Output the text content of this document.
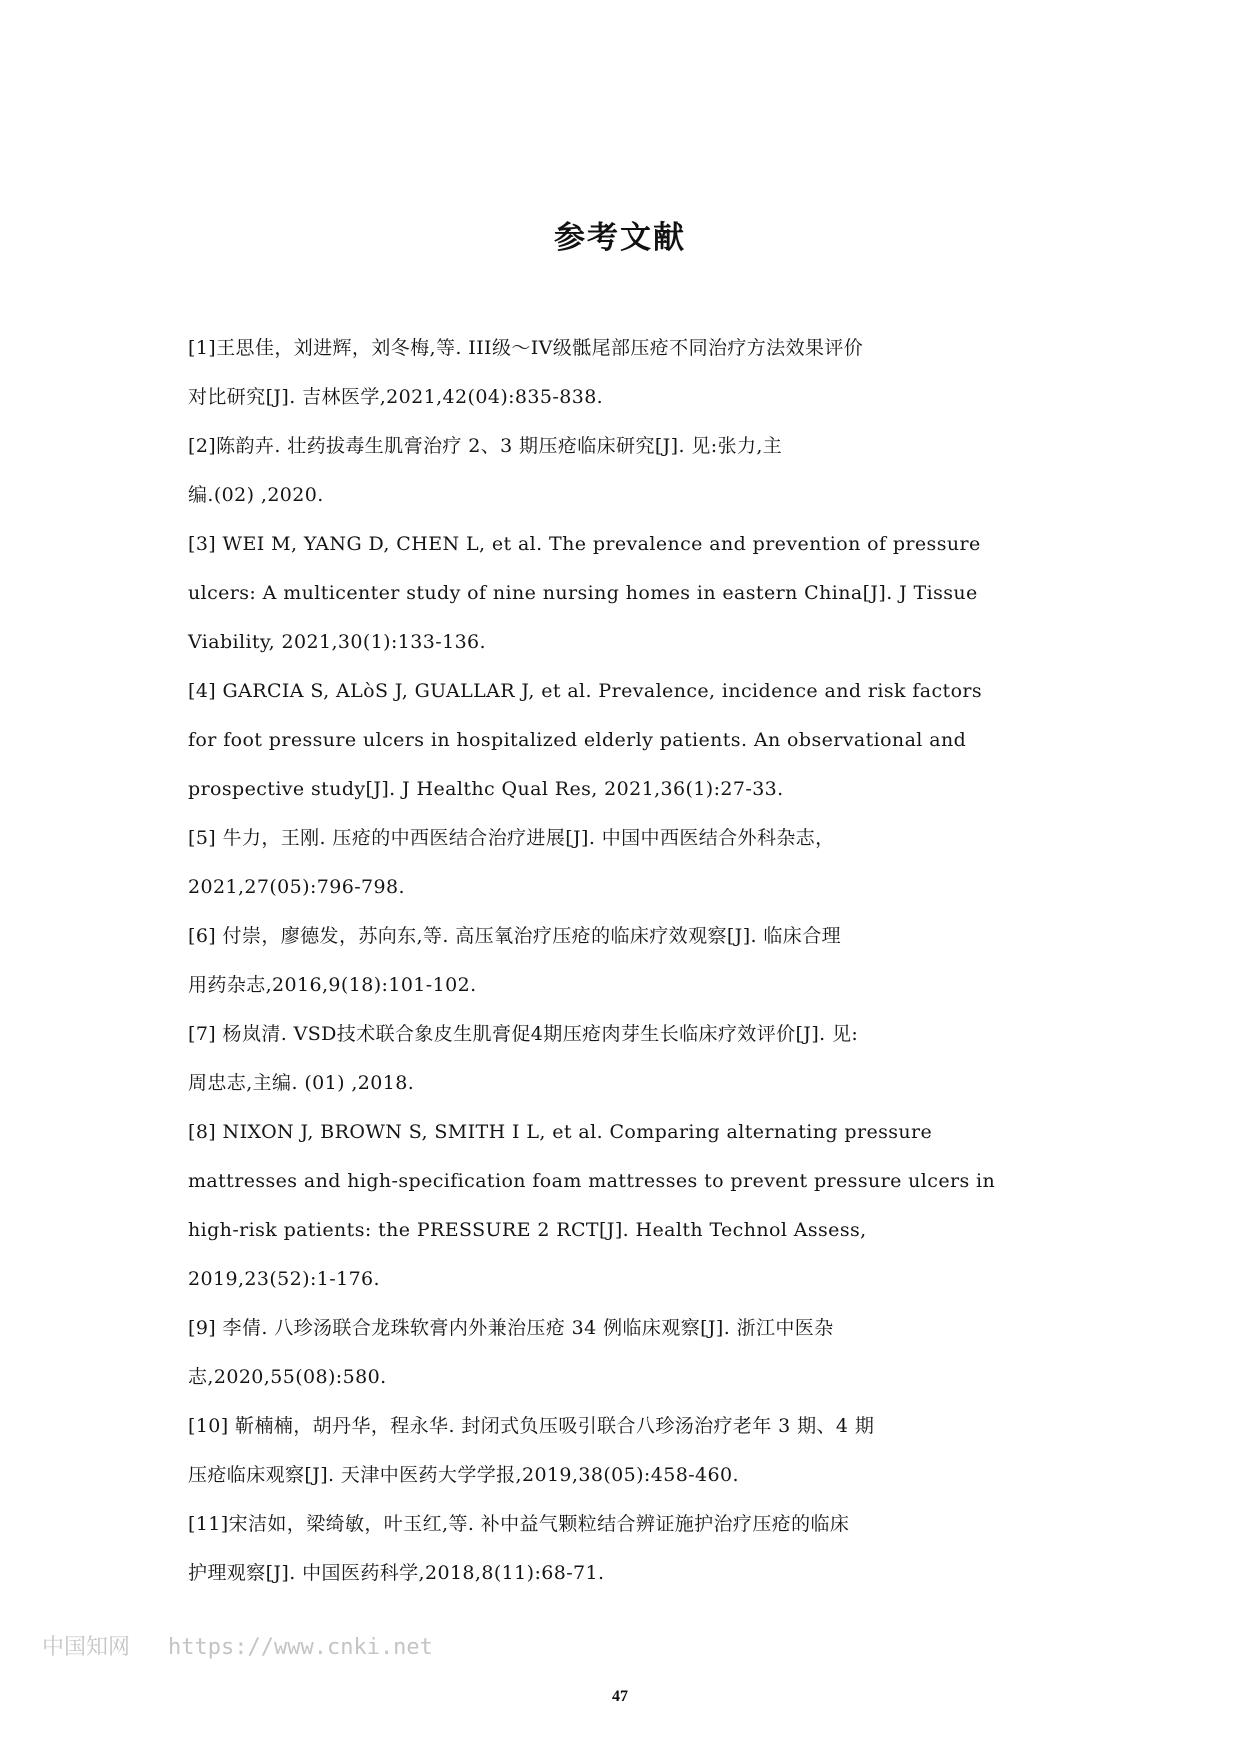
参考文献
[1]王思佳，刘进辉，刘冬梅,等. III级～IV级骶尾部压疮不同治疗方法效果评价
对比研究[J]. 吉林医学,2021,42(04):835-838.
[2]陈韵卉. 壮药拔毒生肌膏治疗 2、3 期压疮临床研究[J]. 见:张力,主
编.(02) ,2020.
[3] WEI M, YANG D, CHEN L, et al. The prevalence and prevention of pressure
ulcers: A multicenter study of nine nursing homes in eastern China[J]. J Tissue
Viability, 2021,30(1):133-136.
[4] GARCIA S, ALòS J, GUALLAR J, et al. Prevalence, incidence and risk factors
for foot pressure ulcers in hospitalized elderly patients. An observational and
prospective study[J]. J Healthc Qual Res, 2021,36(1):27-33.
[5] 牛力，王刚. 压疮的中西医结合治疗进展[J]. 中国中西医结合外科杂志，
2021,27(05):796-798.
[6] 付崇，廖德发，苏向东,等. 高压氧治疗压疮的临床疗效观察[J]. 临床合理
用药杂志,2016,9(18):101-102.
[7] 杨岚清. VSD技术联合象皮生肌膏促4期压疮肉芽生长临床疗效评价[J]. 见:
周忠志,主编. (01) ,2018.
[8] NIXON J, BROWN S, SMITH I L, et al. Comparing alternating pressure
mattresses and high-specification foam mattresses to prevent pressure ulcers in
high-risk patients: the PRESSURE 2 RCT[J]. Health Technol Assess,
2019,23(52):1-176.
[9] 李倩. 八珍汤联合龙珠软膏内外兼治压疮 34 例临床观察[J]. 浙江中医杂
志,2020,55(08):580.
[10] 靳楠楠，胡丹华，程永华. 封闭式负压吸引联合八珍汤治疗老年 3 期、4 期
压疮临床观察[J]. 天津中医药大学学报,2019,38(05):458-460.
[11]宋洁如，梁绮敏，叶玉红,等. 补中益气颗粒结合辨证施护治疗压疮的临床
护理观察[J]. 中国医药科学,2018,8(11):68-71.
中国知网 https://www.cnki.net
47
